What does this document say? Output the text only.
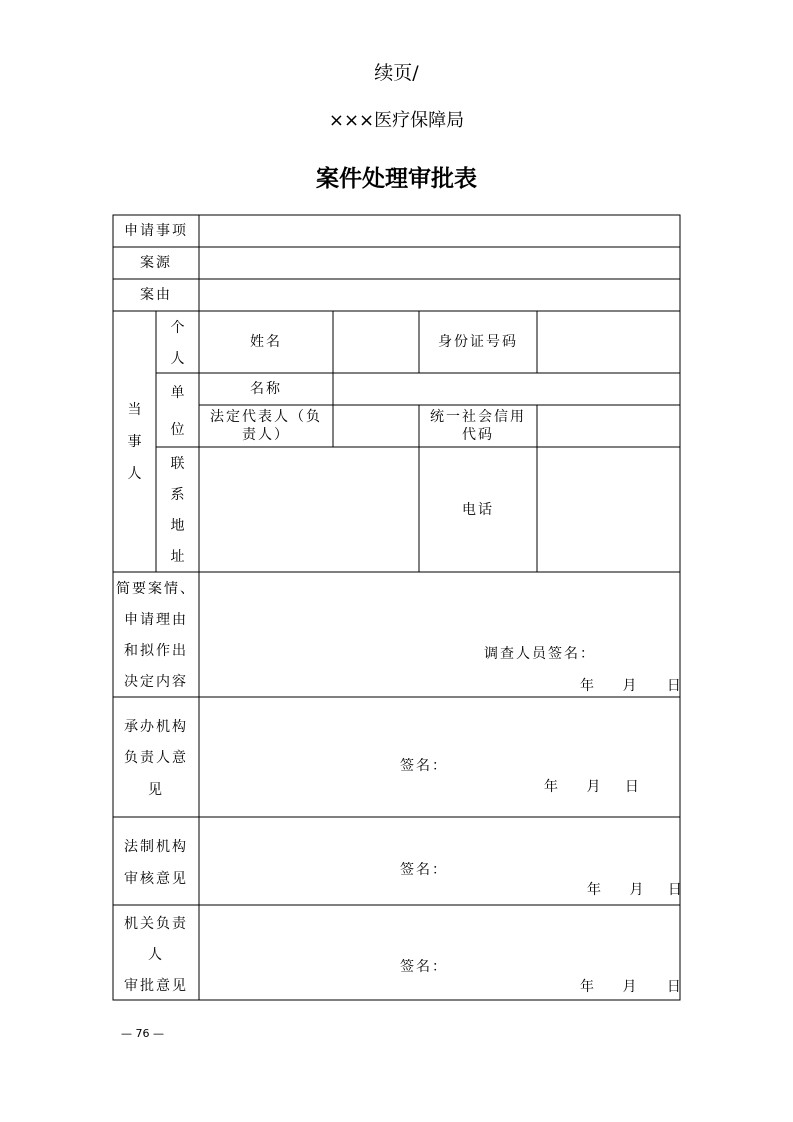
续页/
×××医疗保障局
案件处理审批表
申请事项
案源
案由
当
事
人
个
人
姓名	身份证号码
单
位
名称
法定代表人（负
责人）
统一社会信用
代码
联
系
地
址
电话
简要案情、
申请理由
和拟作出
决定内容
调查人员签名：
年 月 日
承办机构
负责人意
见
签名：
年 月 日
法制机构
审核意见
签名：
年 月 日
机关负责
人
审批意见
签名：
年 月 日
— 76 —
